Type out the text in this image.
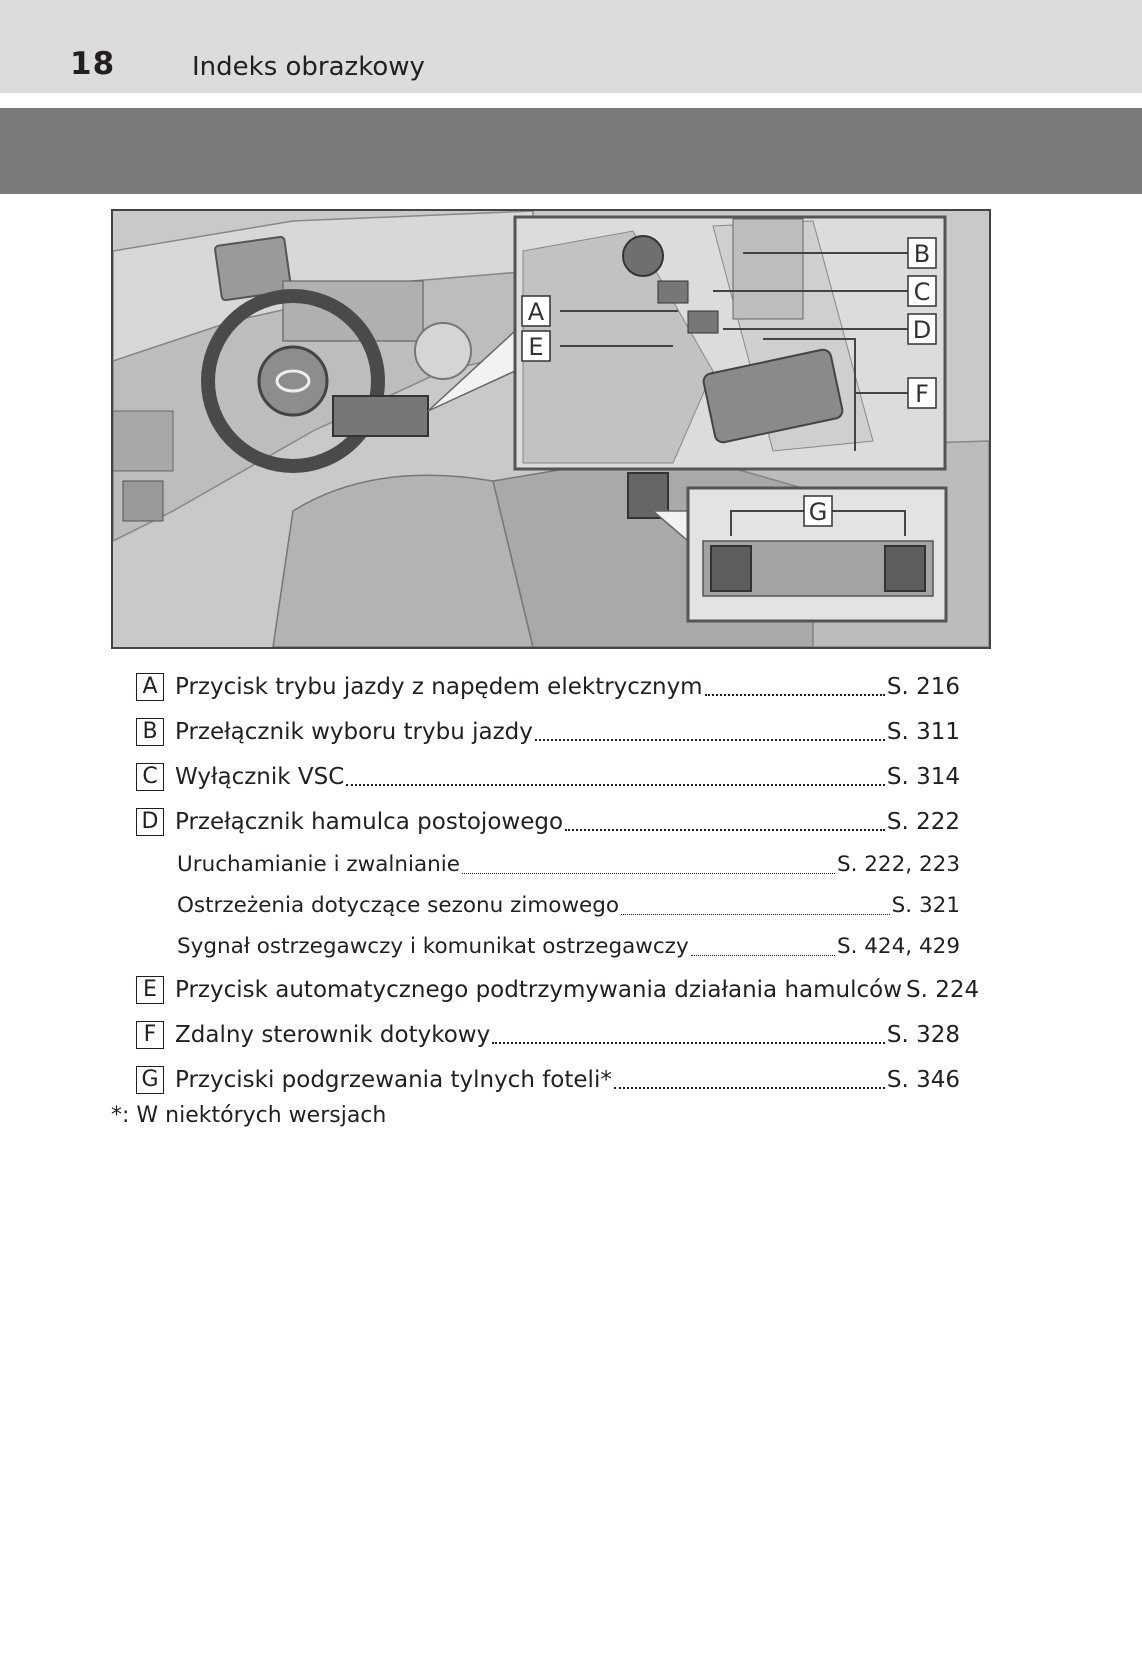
18	Indeks obrazkowy
A
E
B
C
D
F
G
A Przycisk trybu jazdy z napędem elektrycznym	S. 216
B Przełącznik wyboru trybu jazdy	S. 311
C Wyłącznik VSC	S. 314
D Przełącznik hamulca postojowego	S. 222
Uruchamianie i zwalnianie	S. 222, 223
Ostrzeżenia dotyczące sezonu zimowego	S. 321
Sygnał ostrzegawczy i komunikat ostrzegawczy	S. 424, 429
E Przycisk automatycznego podtrzymywania działania hamulców S. 224
F Zdalny sterownik dotykowy	S. 328
G Przyciski podgrzewania tylnych foteli*	S. 346
*: W niektórych wersjach
